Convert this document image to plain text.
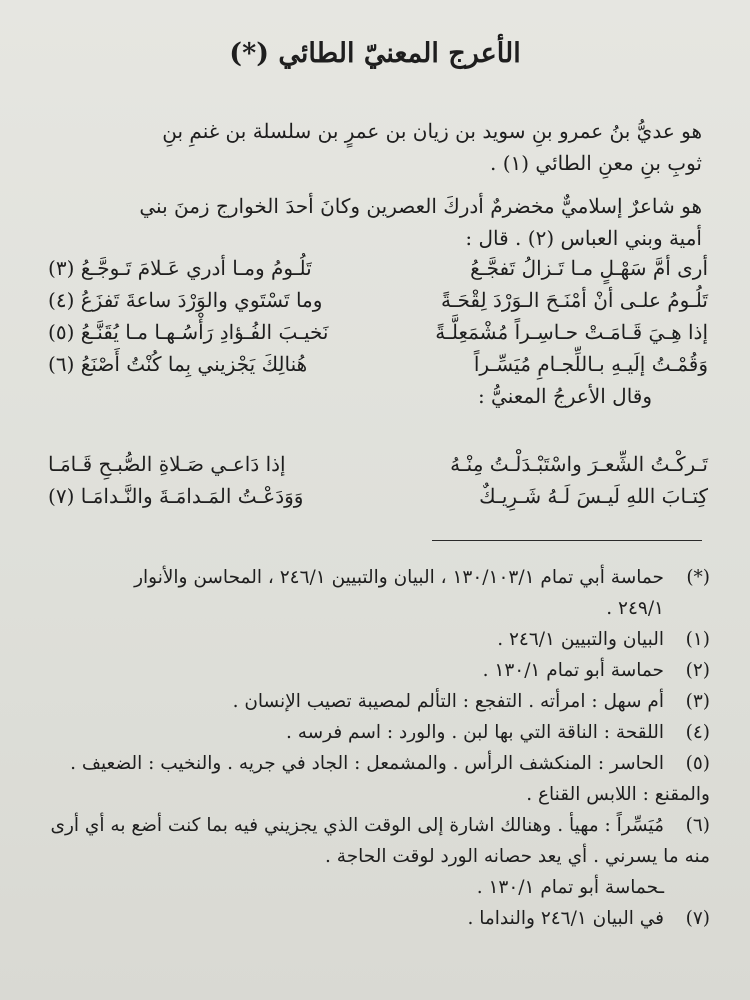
الأعرج المعنيّ الطائي (*)
هو عديُّ بنُ عمرو بنِ سويد بن زيان بن عمرٍ بن سلسلة بن غنمِ بنِ
ثوبِ بنِ معنِ الطائي (١) .
هو شاعرٌ إسلاميٌّ مخضرمٌ أدركَ العصرين وكانَ أحدَ الخوارج زمنَ بني
أمية وبني العباس (٢) . قال :
أرى أمَّ سَهْـلٍ مـا تَـزالُ تَفجَّـعُ
تَلُـومُ ومـا أدري عَـلامَ تَـوجَّـعُ (٣)
تَلُـومُ علـى أنْ أمْنَـحَ الـوَرْدَ لِقْحَـةً
وما تَسْتَوي والوَرْدَ ساعةَ تَفزَعُ (٤)
إذا هِـيَ قَـامَـتْ حـاسِـراً مُشْمَعِلَّـةً
نَخيـبَ الفُـؤادِ رَأْسُـهـا مـا يُقَنَّـعُ (٥)
وَقُمْـتُ إلَيـهِ بـاللِّجـامِ مُيَسِّـراً
هُنالِكَ يَجْزيني بِما كُنْتُ أَصْنَعُ (٦)
وقال الأعرجُ المعنيُّ :
تَـركْـتُ الشِّعـرَ واسْتَبْـدَلْـتُ مِنْـهُ
إذا دَاعـي صَـلاةِ الصُّبـحِ قَـامَـا
كِتـابَ اللهِ لَيـسَ لَـهُ شَـرِيـكٌ
وَوَدَعْـتُ المَـدامَـةَ والنَّـدامَـا (٧)
(*)
حماسة أبي تمام ١٣٠/١٠٣/١ ، البيان والتبيين ٢٤٦/١ ، المحاسن والأنوار
٢٤٩/١ .
(١)
البيان والتبيين ٢٤٦/١ .
(٢)
حماسة أبو تمام ١٣٠/١ .
(٣)
أم سهل : امرأته . التفجع : التألم لمصيبة تصيب الإنسان .
(٤)
اللقحة : الناقة التي بها لبن . والورد : اسم فرسه .
(٥)
الحاسر : المنكشف الرأس . والمشمعل : الجاد في جريه . والنخيب : الضعيف .
والمقنع : اللابس القناع .
(٦)
مُيَسِّراً : مهيأ . وهنالك اشارة إلى الوقت الذي يجزيني فيه بما كنت أضع به أي أرى
منه ما يسرني . أي يعد حصانه الورد لوقت الحاجة .
ـحماسة أبو تمام ١٣٠/١ .
(٧)
في البيان ٢٤٦/١ والنداما .
